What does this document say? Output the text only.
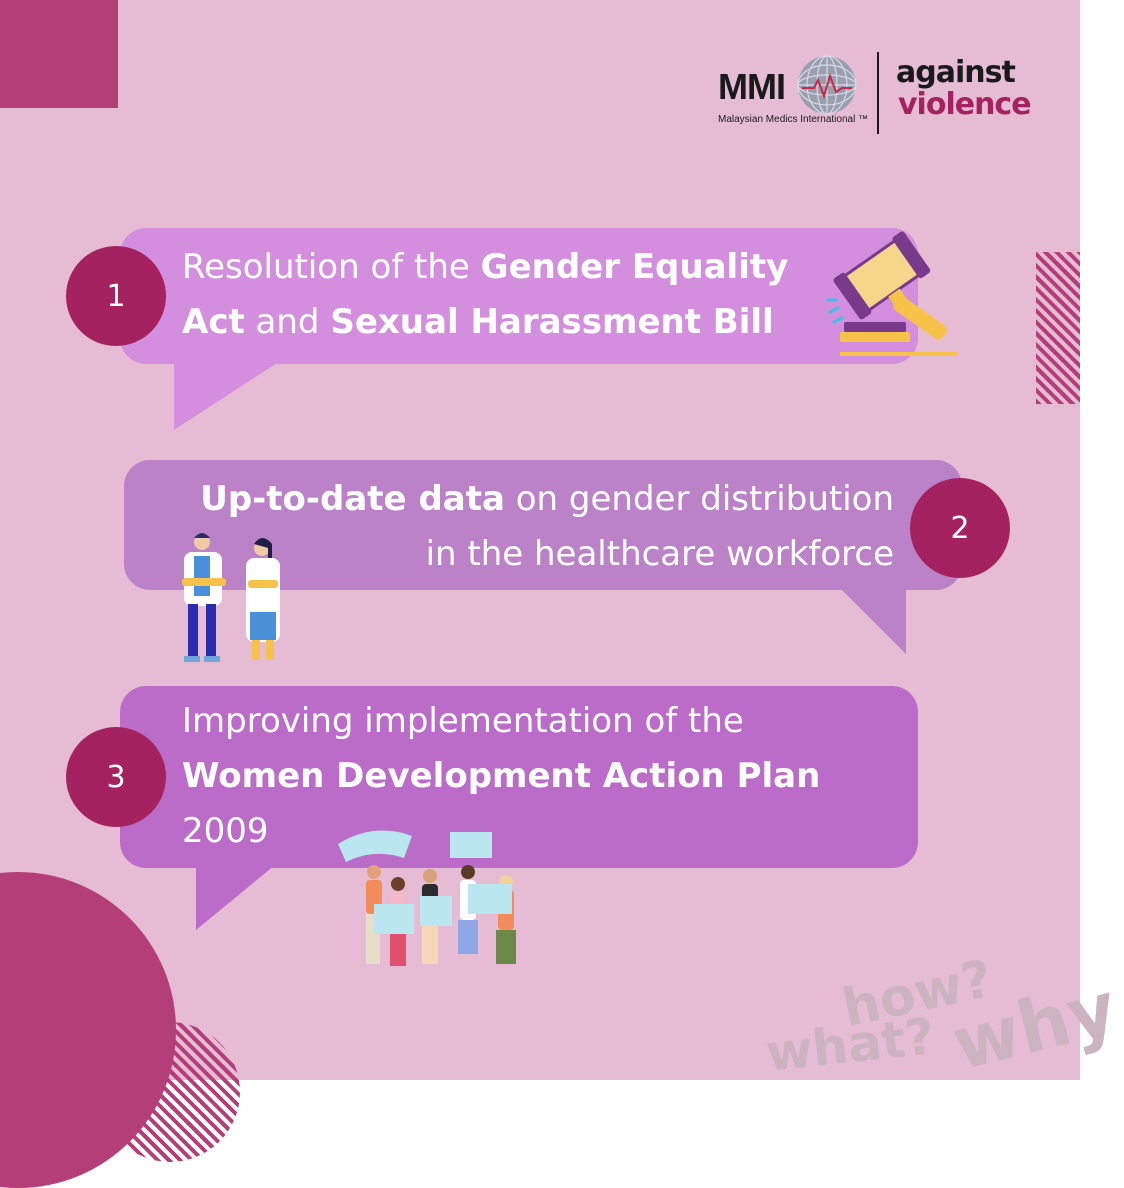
how?
what? why
MMI
Malaysian Medics International ™
against
violence
1
Resolution of the Gender Equality
Act and Sexual Harassment Bill
Up-to-date data on gender distribution
in the healthcare workforce
2
3
Improving implementation of the
Women Development Action Plan
2009
